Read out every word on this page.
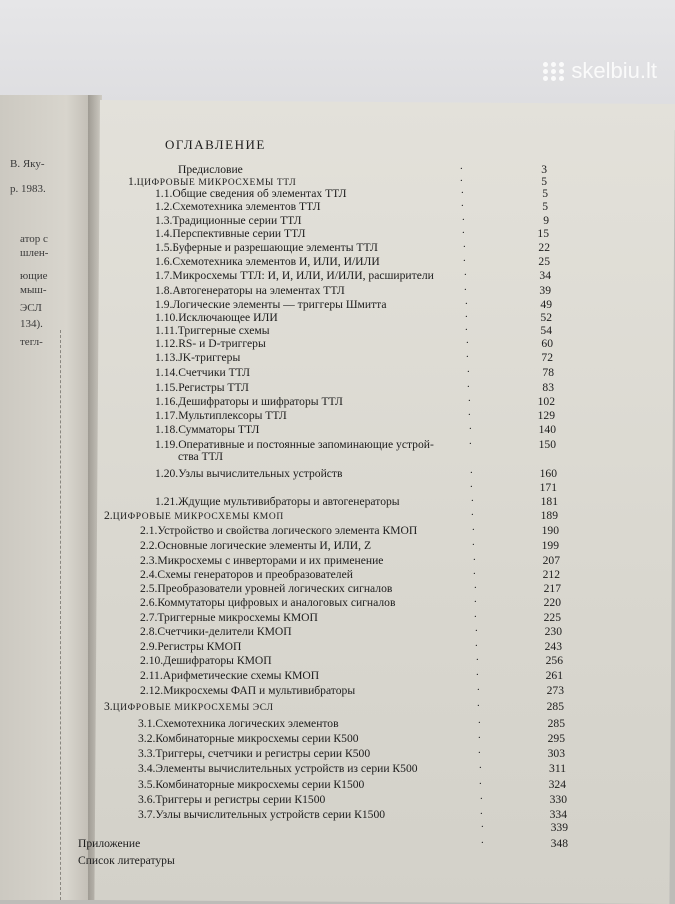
skelbiu.lt
В. Яку-
р. 1983.
атор с
шлен-
ющие
мыш-
ЭСЛ
134).
тегл-
ОГЛАВЛЕНИЕ
Предисловие	3
.
1.ЦИФРОВЫЕ МИКРОСХЕМЫ ТТЛ	5
.
1.1.Общие сведения об элементах ТТЛ	5
.
1.2.Схемотехника элементов ТТЛ	5
.
1.3.Традиционные серии ТТЛ	9
.
1.4.Перспективные серии ТТЛ	15
.
1.5.Буферные и разрешающие элементы ТТЛ	22
.
1.6.Схемотехника элементов И, ИЛИ, И/ИЛИ	25
.
1.7.Микросхемы ТТЛ: И, И, ИЛИ, И/ИЛИ, расширители	34
.
1.8.Автогенераторы на элементах ТТЛ	39
.
1.9.Логические элементы — триггеры Шмитта	49
.
1.10.Исключающее ИЛИ	52
.
1.11.Триггерные схемы	54
.
1.12.RS- и D-триггеры	60
.
1.13.JK-триггеры	72
.
1.14.Счетчики ТТЛ	78
.
1.15.Регистры ТТЛ	83
.
1.16.Дешифраторы и шифраторы ТТЛ	102
.
1.17.Мультиплексоры ТТЛ	129
.
1.18.Сумматоры ТТЛ	140
.
1.19.Оперативные и постоянные запоминающие устрой-	150
.
ства ТТЛ
1.20.Узлы вычислительных устройств	160
.
171
.
1.21.Ждущие мультивибраторы и автогенераторы	181
.
2.ЦИФРОВЫЕ МИКРОСХЕМЫ КМОП	189
.
2.1.Устройство и свойства логического элемента КМОП	190
.
2.2.Основные логические элементы И, ИЛИ, Z	199
.
2.3.Микросхемы с инверторами и их применение	207
.
2.4.Схемы генераторов и преобразователей	212
.
2.5.Преобразователи уровней логических сигналов	217
.
2.6.Коммутаторы цифровых и аналоговых сигналов	220
.
2.7.Триггерные микросхемы КМОП	225
.
2.8.Счетчики-делители КМОП	230
.
2.9.Регистры КМОП	243
.
2.10.Дешифраторы КМОП	256
.
2.11.Арифметические схемы КМОП	261
.
2.12.Микросхемы ФАП и мультивибраторы	273
.
3.ЦИФРОВЫЕ МИКРОСХЕМЫ ЭСЛ	285
.
3.1.Схемотехника логических элементов	285
.
3.2.Комбинаторные микросхемы серии К500	295
.
3.3.Триггеры, счетчики и регистры серии К500	303
.
3.4.Элементы вычислительных устройств из серии К500	311
.
3.5.Комбинаторные микросхемы серии К1500	324
.
3.6.Триггеры и регистры серии К1500	330
.
3.7.Узлы вычислительных устройств серии К1500	334
.
339
.
Приложение	348
.
Список литературы
